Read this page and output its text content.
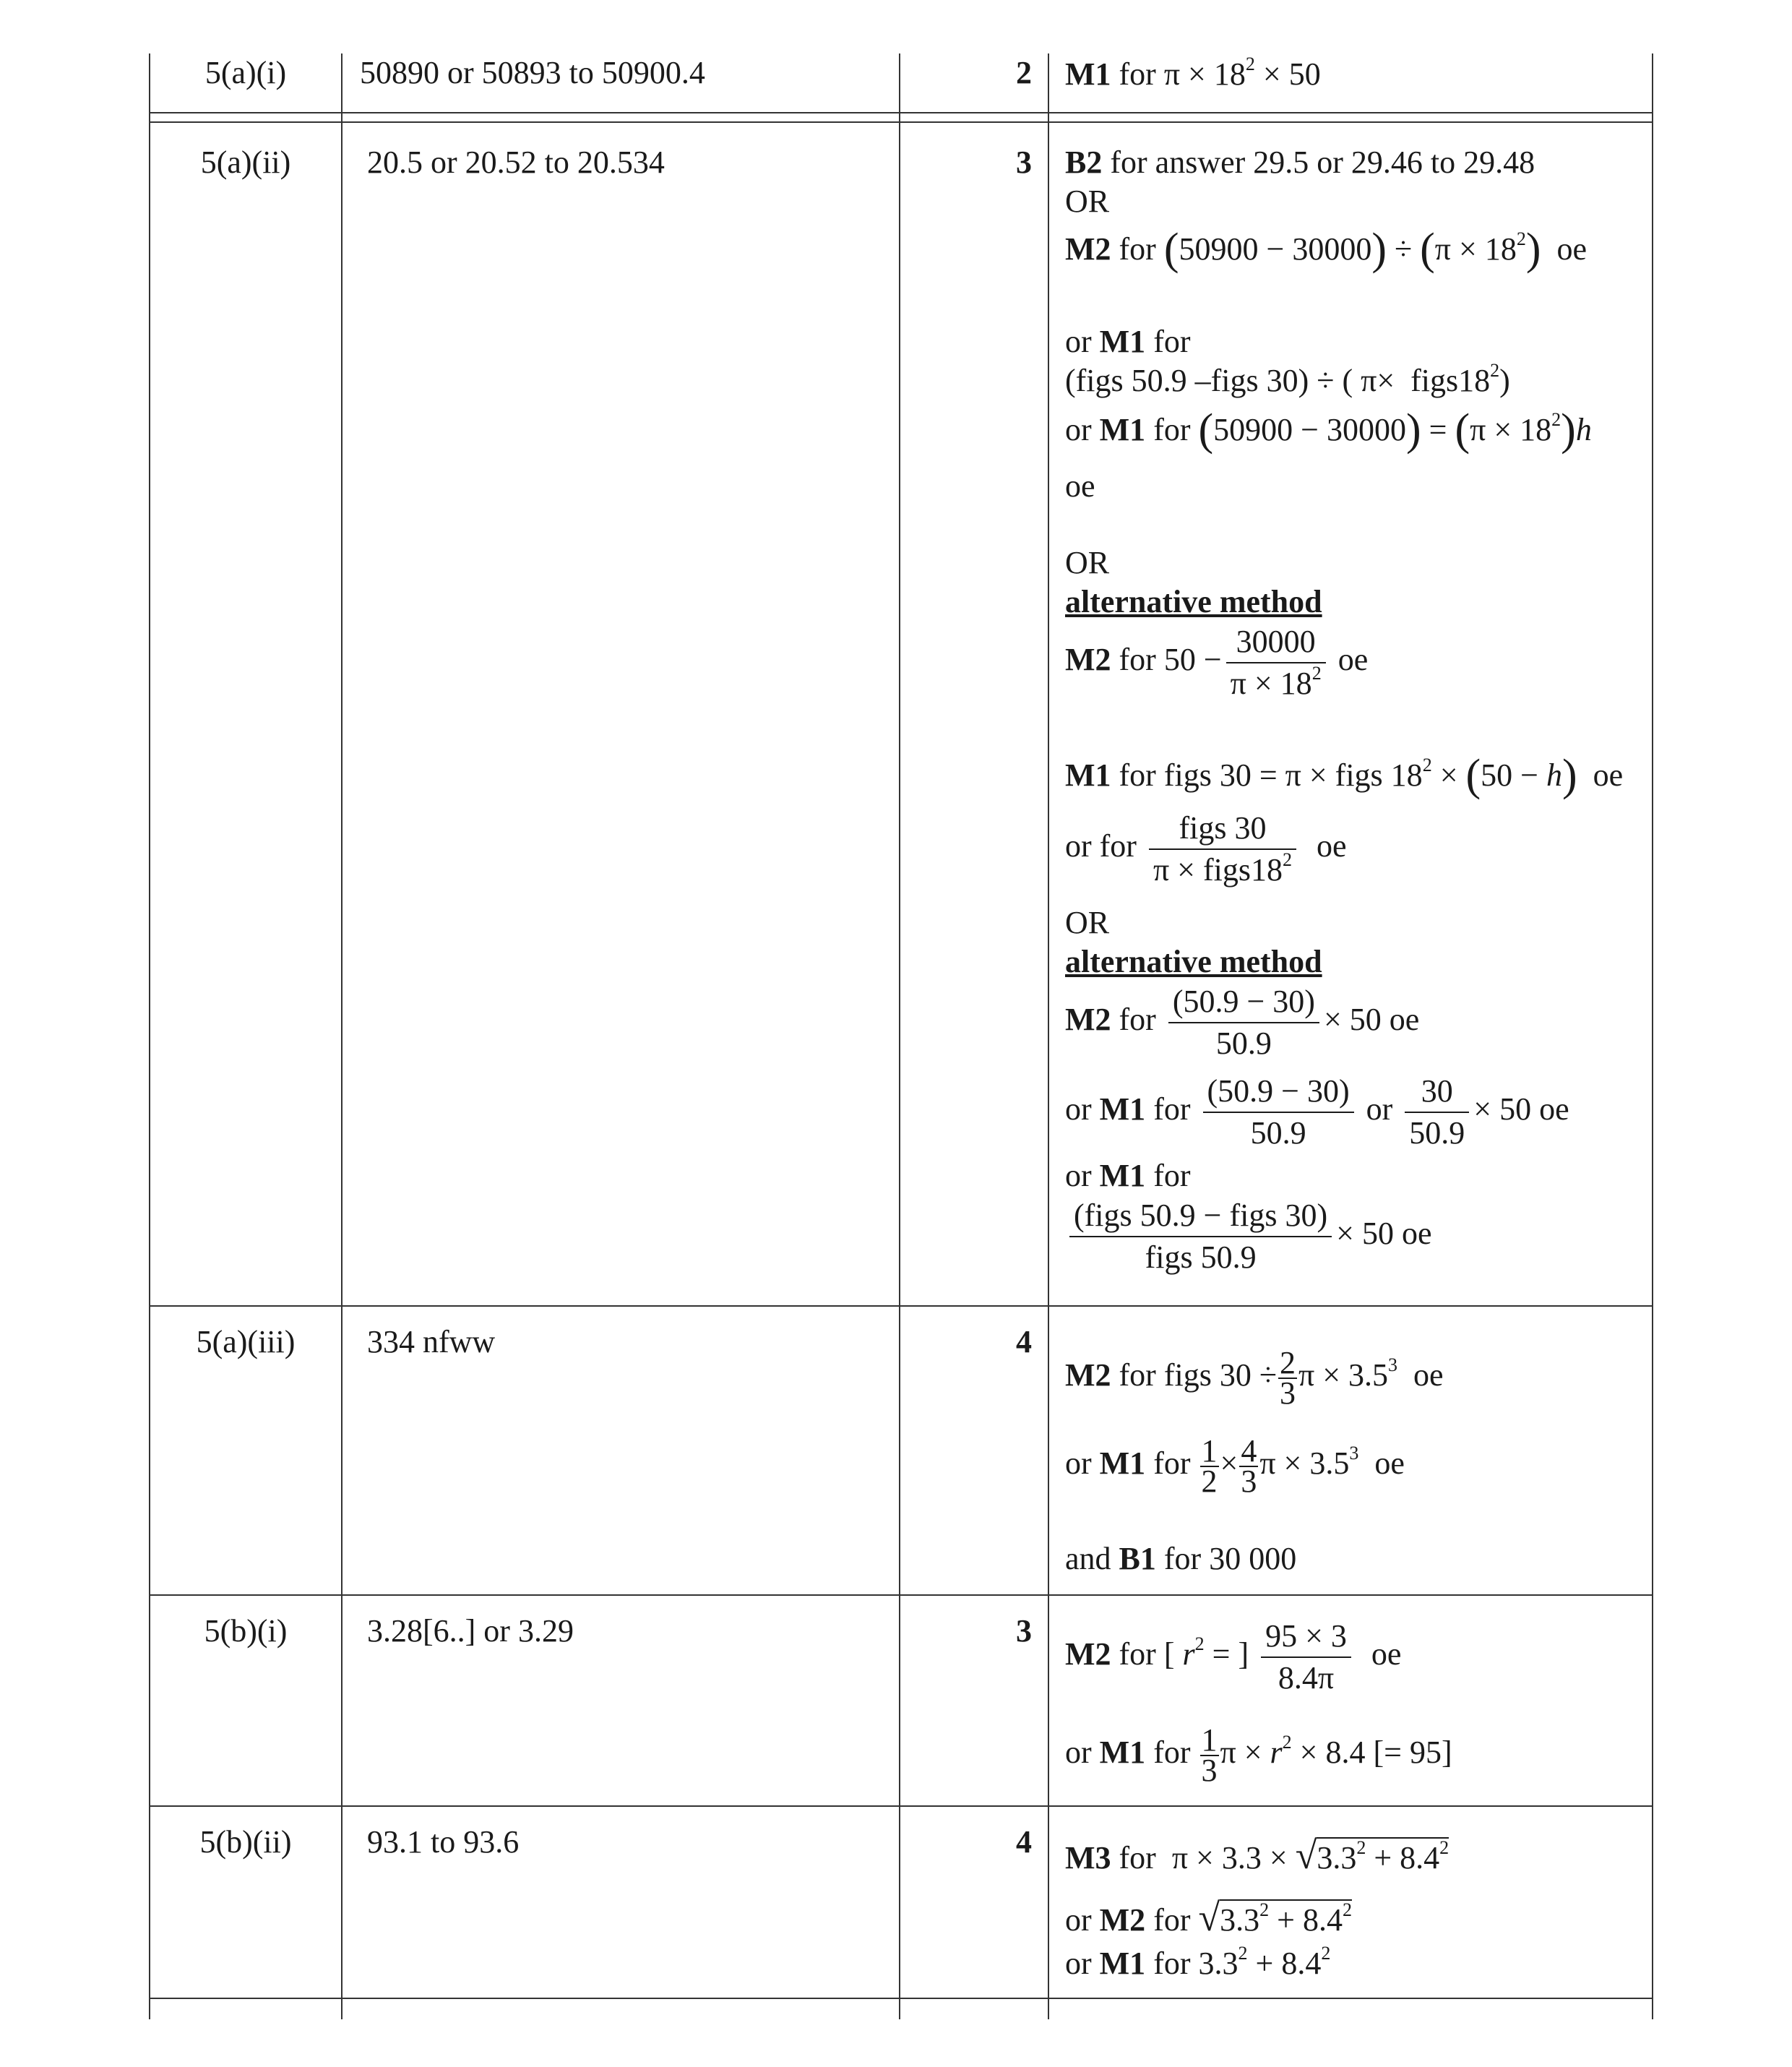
5(a)(i)	50890 or 50893 to 50900.4	2 M1 for $\pi \times 18^2 \times 50$
5(a)(ii)	20.5 or 20.52 to 20.534	3 B2 for answer 29.5 or 29.46 to 29.48
OR
M2 for $(50900 - 30000) \div (\pi \times 18^2)$  oe
or M1 for
(figs 50.9 –figs 30) ÷ ( $\pi\times figs18^2$)
or M1 for $(50900 - 30000) = (\pi \times 18^2)h$
oe
OR
alternative method
M2 for $50 - \frac{30000}{\pi \times 18^2}$ oe
M1 for figs 30 = π × figs $18^2 \times (50 - h)$  oe
or for $\frac{\text{figs 30}}{\pi \times figs18^2}$ oe
OR
alternative method
M2 for $\frac{(50.9 - 30)}{50.9} \times 50$ oe
or M1 for $\frac{(50.9 - 30)}{50.9}$ or $\frac{30}{50.9} \times 50$ oe
or M1 for
$\frac{\text{(figs 50.9 − figs 30)}}{\text{figs 50.9}} \times 50$ oe
5(a)(iii)	334 nfww	4
M2 for figs $30 \div \frac{2}{3}$ $\pi \times 3.5^3$  oe
or M1 for $\frac{1}{2} \times \frac{4}{3}$ $\pi \times 3.5^3$  oe
and B1 for 30 000
5(b)(i)	3.28[6..] or 3.29	3
M2 for [ $r^2$ = ] $\frac{95 \times 3}{8.4\pi}$ oe
or M1 for $\frac{1}{3}$ $\pi \times r^2 \times 8.4$ [= 95]
5(b)(ii)	93.1 to 93.6	4 M3 for  $\pi \times 3.3 \times √3.3^2 + 8.4^2$
or M2 for $√3.3^2 + 8.4^2$
or M1 for $3.3^2 + 8.4^2$
